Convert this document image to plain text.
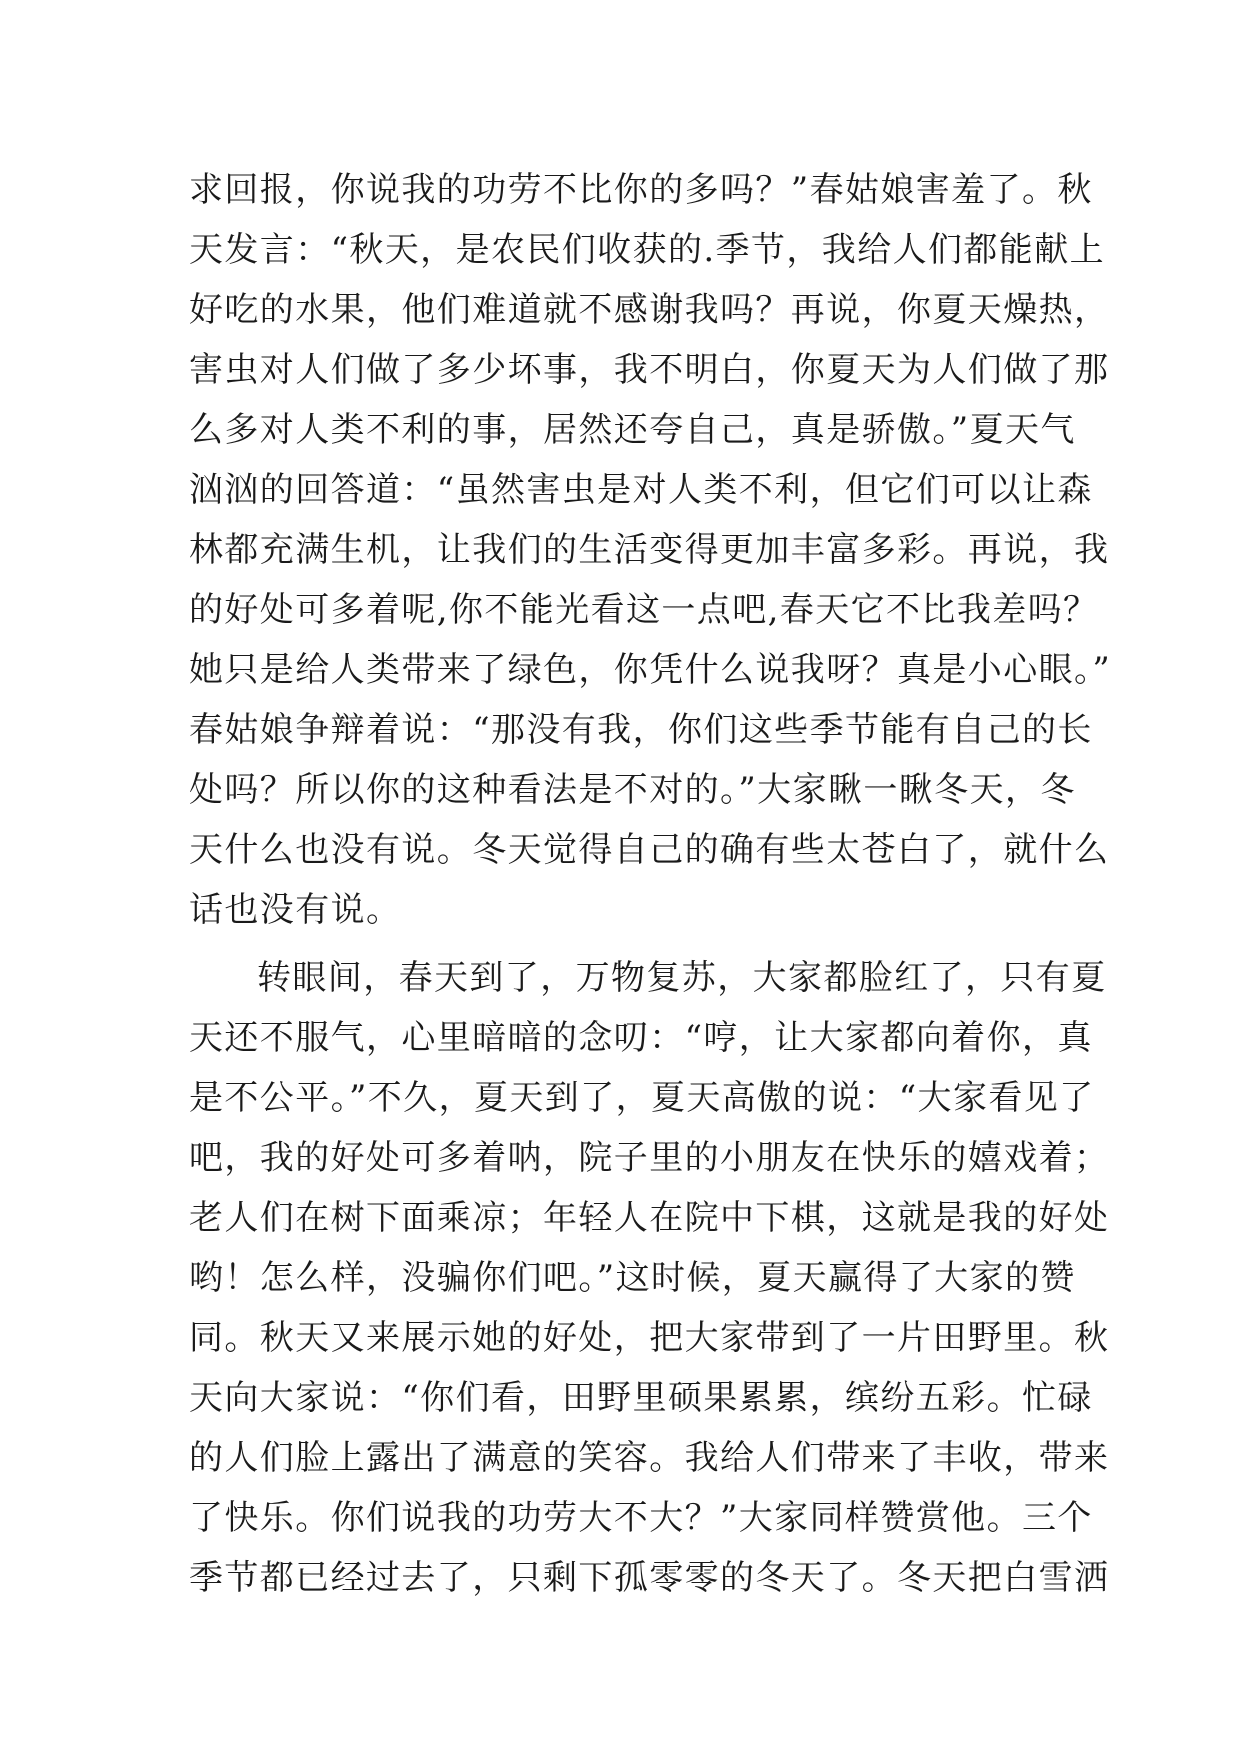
求回报，你说我的功劳不比你的多吗？”春姑娘害羞了。秋
天发言：“秋天，是农民们收获的.季节，我给人们都能献上
好吃的水果，他们难道就不感谢我吗？再说，你夏天燥热，
害虫对人们做了多少坏事，我不明白，你夏天为人们做了那
么多对人类不利的事，居然还夸自己，真是骄傲。”夏天气
汹汹的回答道：“虽然害虫是对人类不利，但它们可以让森
林都充满生机，让我们的生活变得更加丰富多彩。再说，我
的好处可多着呢,你不能光看这一点吧,春天它不比我差吗？
她只是给人类带来了绿色，你凭什么说我呀？真是小心眼。”
春姑娘争辩着说：“那没有我，你们这些季节能有自己的长
处吗？所以你的这种看法是不对的。”大家瞅一瞅冬天，冬
天什么也没有说。冬天觉得自己的确有些太苍白了，就什么
话也没有说。
转眼间，春天到了，万物复苏，大家都脸红了，只有夏
天还不服气，心里暗暗的念叨：“哼，让大家都向着你，真
是不公平。”不久，夏天到了，夏天高傲的说：“大家看见了
吧，我的好处可多着呐，院子里的小朋友在快乐的嬉戏着；
老人们在树下面乘凉；年轻人在院中下棋，这就是我的好处
哟！怎么样，没骗你们吧。”这时候，夏天赢得了大家的赞
同。秋天又来展示她的好处，把大家带到了一片田野里。秋
天向大家说：“你们看，田野里硕果累累，缤纷五彩。忙碌
的人们脸上露出了满意的笑容。我给人们带来了丰收，带来
了快乐。你们说我的功劳大不大？”大家同样赞赏他。三个
季节都已经过去了，只剩下孤零零的冬天了。冬天把白雪洒
